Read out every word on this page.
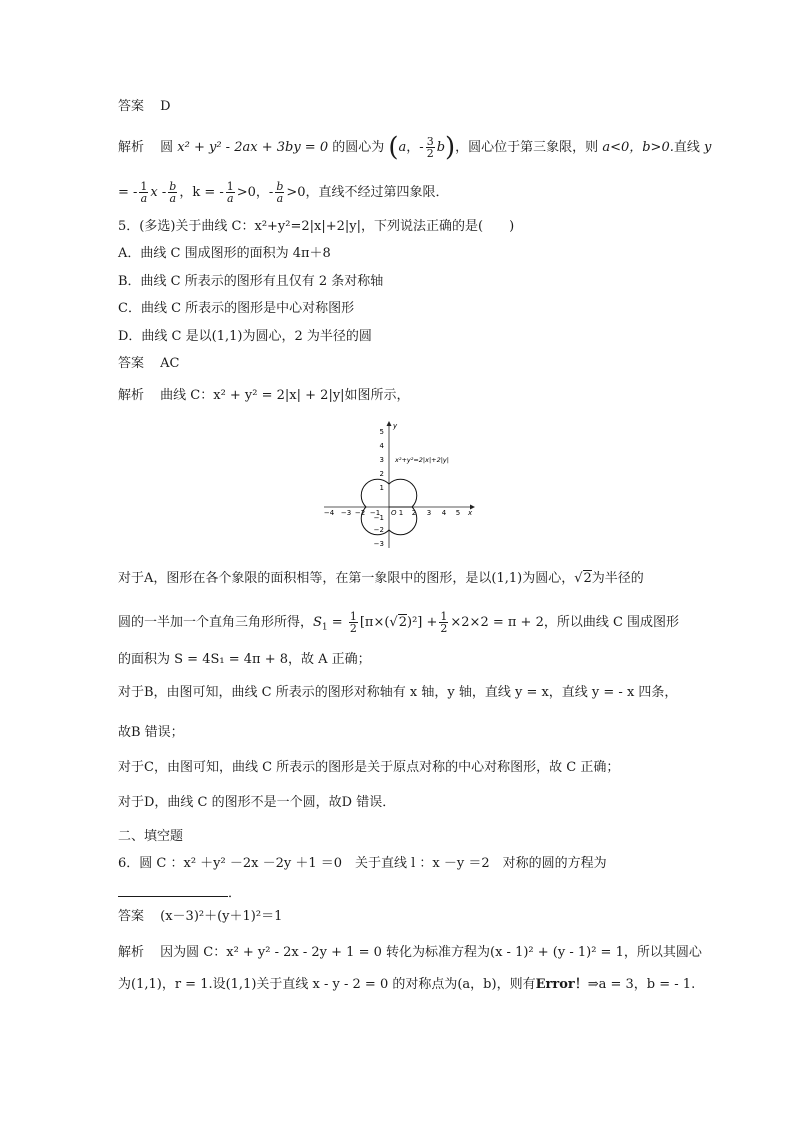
答案 D
解析 圆 x² + y² - 2ax + 3by = 0 的圆心为 (a，- $\frac{3}{2} b$)，圆心位于第三象限，则 a<0，b>0.直线 y
= - $\frac{1}{a}$ x - $\frac{b}{a}$ ，k = - $\frac{1}{a} >0$，- $\frac{b}{a} >0$，直线不经过第四象限．
5．(多选)关于曲线 C：x²+y²=2|x|+2|y|，下列说法正确的是(　　)
A．曲线 C 围成图形的面积为 4π＋8
B．曲线 C 所表示的图形有且仅有 2 条对称轴
C．曲线 C 所表示的图形是中心对称图形
D．曲线 C 是以(1,1)为圆心，2 为半径的圆
答案 AC
解析 曲线 C：x² + y² = 2|x| + 2|y|如图所示，
−4 −3 −2 −1	1 2 3 4 5 x
5
4
3
2
1
−1
−2
−3
y
O
x²+y²=2|x|+2|y|
对于A，图形在各个象限的面积相等，在第一象限中的图形，是以(1,1)为圆心，√2为半径的
圆的一半加一个直角三角形所得，$S_1 = \frac{1}{2} [\pi\times(√2)^2] + \frac{1}{2} \times 2\times 2 = \pi + 2$，所以曲线 C 围成图形
的面积为 S = 4S₁ = 4π + 8，故 A 正确；
对于B，由图可知，曲线 C 所表示的图形对称轴有 x 轴，y 轴，直线 y = x，直线 y = - x 四条，
故B 错误；
对于C，由图可知，曲线 C 所表示的图形是关于原点对称的中心对称图形，故 C 正确；
对于D，曲线 C 的图形不是一个圆，故D 错误．
二、填空题
6．圆 C ：x² ＋y² －2x －2y ＋1 ＝0　关于直线 l ：x －y ＝2　对称的圆的方程为
．
答案 (x－3)²＋(y＋1)²＝1
解析 因为圆 C：x² + y² - 2x - 2y + 1 = 0 转化为标准方程为(x - 1)² + (y - 1)² = 1，所以其圆心
为(1,1)，r = 1.设(1,1)关于直线 x - y - 2 = 0 的对称点为(a，b)，则有Error！⇒a = 3，b = - 1.
